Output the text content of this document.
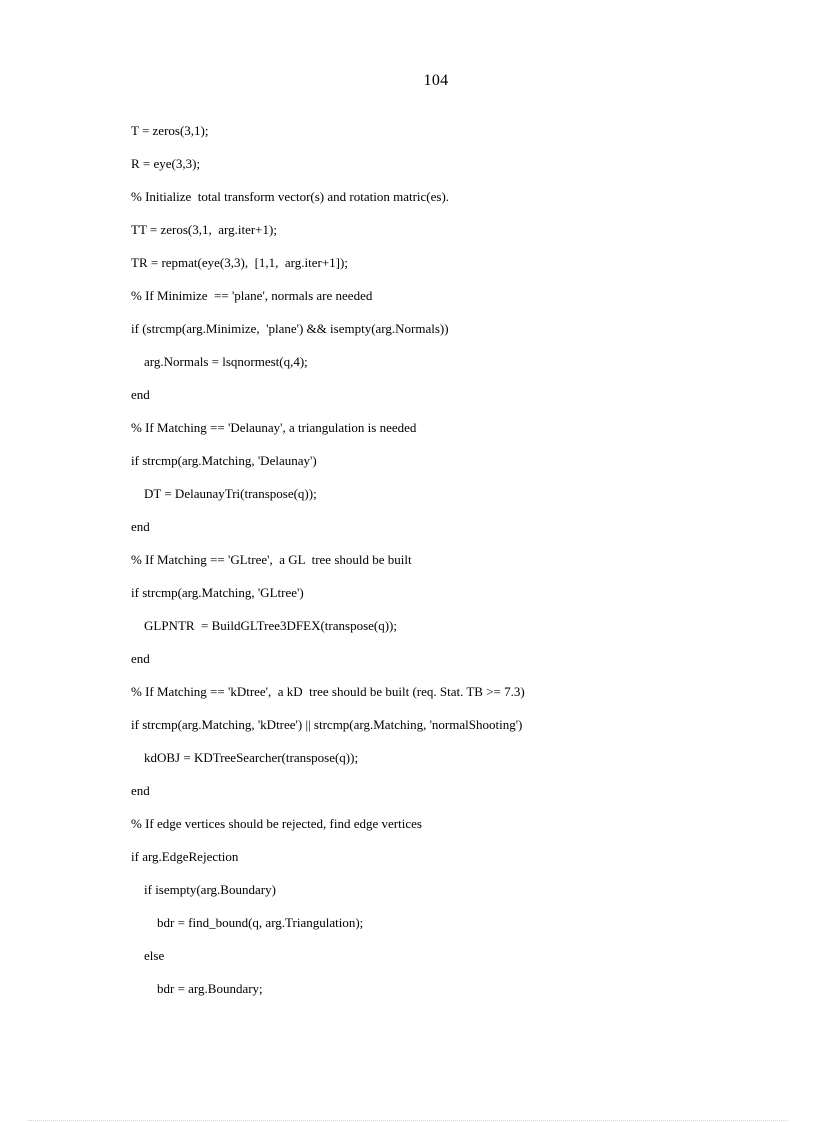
104
T = zeros(3,1);
R = eye(3,3);
% Initialize  total transform vector(s) and rotation matric(es).
TT = zeros(3,1,  arg.iter+1);
TR = repmat(eye(3,3),  [1,1,  arg.iter+1]);
% If Minimize  == 'plane', normals are needed
if (strcmp(arg.Minimize,  'plane') && isempty(arg.Normals))
arg.Normals = lsqnormest(q,4);
end
% If Matching == 'Delaunay', a triangulation is needed
if strcmp(arg.Matching, 'Delaunay')
DT = DelaunayTri(transpose(q));
end
% If Matching == 'GLtree',  a GL  tree should be built
if strcmp(arg.Matching, 'GLtree')
GLPNTR  = BuildGLTree3DFEX(transpose(q));
end
% If Matching == 'kDtree',  a kD  tree should be built (req. Stat. TB >= 7.3)
if strcmp(arg.Matching, 'kDtree') || strcmp(arg.Matching, 'normalShooting')
kdOBJ = KDTreeSearcher(transpose(q));
end
% If edge vertices should be rejected, find edge vertices
if arg.EdgeRejection
if isempty(arg.Boundary)
bdr = find_bound(q, arg.Triangulation);
else
bdr = arg.Boundary;
